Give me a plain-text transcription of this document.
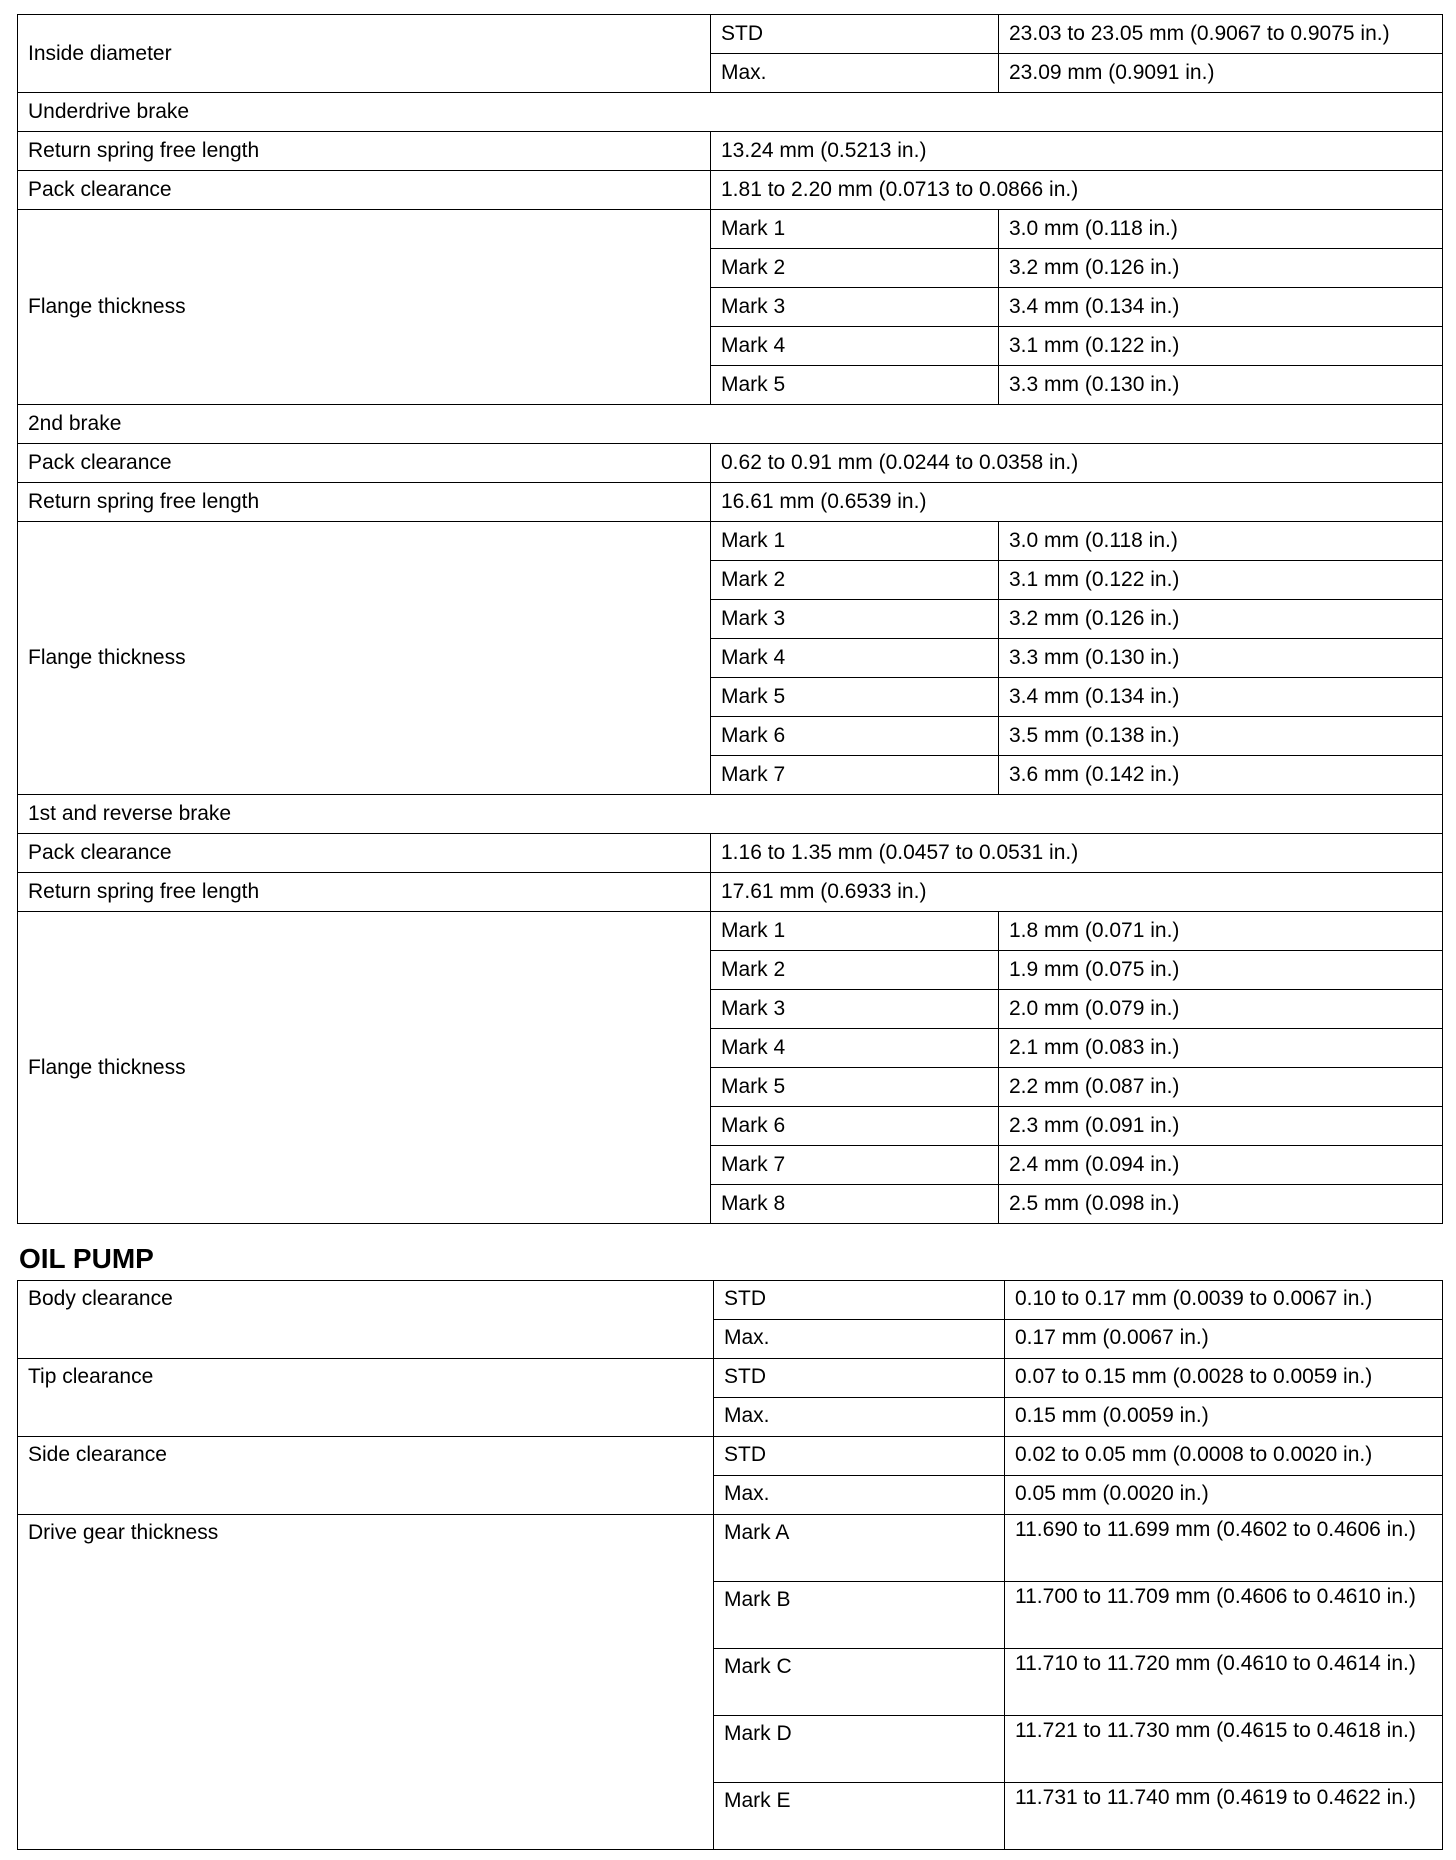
Inside diameter	STD	23.03 to 23.05 mm (0.9067 to 0.9075 in.)
	Max.	23.09 mm (0.9091 in.)
Underdrive brake		
Return spring free length	13.24 mm (0.5213 in.)	
Pack clearance	1.81 to 2.20 mm (0.0713 to 0.0866 in.)	
Flange thickness	Mark 1	3.0 mm (0.118 in.)
	Mark 2	3.2 mm (0.126 in.)
	Mark 3	3.4 mm (0.134 in.)
	Mark 4	3.1 mm (0.122 in.)
	Mark 5	3.3 mm (0.130 in.)
2nd brake		
Pack clearance	0.62 to 0.91 mm (0.0244 to 0.0358 in.)	
Return spring free length	16.61 mm (0.6539 in.)	
Flange thickness	Mark 1	3.0 mm (0.118 in.)
	Mark 2	3.1 mm (0.122 in.)
	Mark 3	3.2 mm (0.126 in.)
	Mark 4	3.3 mm (0.130 in.)
	Mark 5	3.4 mm (0.134 in.)
	Mark 6	3.5 mm (0.138 in.)
	Mark 7	3.6 mm (0.142 in.)
1st and reverse brake		
Pack clearance	1.16 to 1.35 mm (0.0457 to 0.0531 in.)	
Return spring free length	17.61 mm (0.6933 in.)	
Flange thickness	Mark 1	1.8 mm (0.071 in.)
	Mark 2	1.9 mm (0.075 in.)
	Mark 3	2.0 mm (0.079 in.)
	Mark 4	2.1 mm (0.083 in.)
	Mark 5	2.2 mm (0.087 in.)
	Mark 6	2.3 mm (0.091 in.)
	Mark 7	2.4 mm (0.094 in.)
	Mark 8	2.5 mm (0.098 in.)
OIL PUMP
Body clearance	STD	0.10 to 0.17 mm (0.0039 to 0.0067 in.)
	Max.	0.17 mm (0.0067 in.)
Tip clearance	STD	0.07 to 0.15 mm (0.0028 to 0.0059 in.)
	Max.	0.15 mm (0.0059 in.)
Side clearance	STD	0.02 to 0.05 mm (0.0008 to 0.0020 in.)
	Max.	0.05 mm (0.0020 in.)
Drive gear thickness	Mark A	11.690 to 11.699 mm (0.4602 to 0.4606 in.)
	Mark B	11.700 to 11.709 mm (0.4606 to 0.4610 in.)
	Mark C	11.710 to 11.720 mm (0.4610 to 0.4614 in.)
	Mark D	11.721 to 11.730 mm (0.4615 to 0.4618 in.)
	Mark E	11.731 to 11.740 mm (0.4619 to 0.4622 in.)
